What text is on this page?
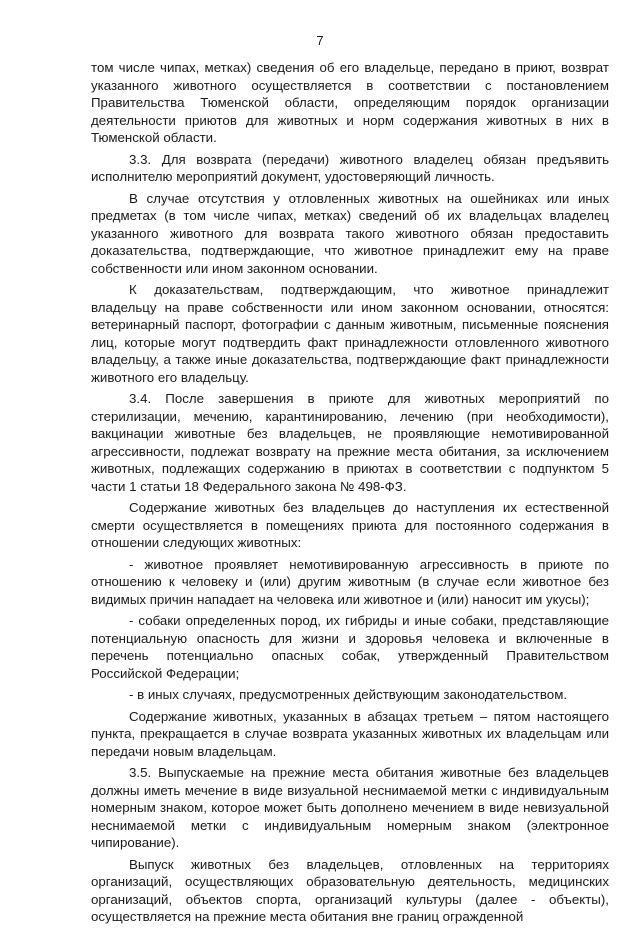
7

том числе чипах, метках) сведения об его владельце, передано в приют, возврат указанного животного осуществляется в соответствии с постановлением Правительства Тюменской области, определяющим порядок организации деятельности приютов для животных и норм содержания животных в них в Тюменской области.

3.3. Для возврата (передачи) животного владелец обязан предъявить исполнителю мероприятий документ, удостоверяющий личность.

В случае отсутствия у отловленных животных на ошейниках или иных предметах (в том числе чипах, метках) сведений об их владельцах владелец указанного животного для возврата такого животного обязан предоставить доказательства, подтверждающие, что животное принадлежит ему на праве собственности или ином законном основании.

К доказательствам, подтверждающим, что животное принадлежит владельцу на праве собственности или ином законном основании, относятся: ветеринарный паспорт, фотографии с данным животным, письменные пояснения лиц, которые могут подтвердить факт принадлежности отловленного животного владельцу, а также иные доказательства, подтверждающие факт принадлежности животного его владельцу.

3.4. После завершения в приюте для животных мероприятий по стерилизации, мечению, карантинированию, лечению (при необходимости), вакцинации животные без владельцев, не проявляющие немотивированной агрессивности, подлежат возврату на прежние места обитания, за исключением животных, подлежащих содержанию в приютах в соответствии с подпунктом 5 части 1 статьи 18 Федерального закона № 498-ФЗ.

Содержание животных без владельцев до наступления их естественной смерти осуществляется в помещениях приюта для постоянного содержания в отношении следующих животных:

- животное проявляет немотивированную агрессивность в приюте по отношению к человеку и (или) другим животным (в случае если животное без видимых причин нападает на человека или животное и (или) наносит им укусы);

- собаки определенных пород, их гибриды и иные собаки, представляющие потенциальную опасность для жизни и здоровья человека и включенные в перечень потенциально опасных собак, утвержденный Правительством Российской Федерации;

- в иных случаях, предусмотренных действующим законодательством.

Содержание животных, указанных в абзацах третьем – пятом настоящего пункта, прекращается в случае возврата указанных животных их владельцам или передачи новым владельцам.

3.5. Выпускаемые на прежние места обитания животные без владельцев должны иметь мечение в виде визуальной неснимаемой метки с индивидуальным номерным знаком, которое может быть дополнено мечением в виде невизуальной неснимаемой метки с индивидуальным номерным знаком (электронное чипирование).

Выпуск животных без владельцев, отловленных на территориях организаций, осуществляющих образовательную деятельность, медицинских организаций, объектов спорта, организаций культуры (далее - объекты), осуществляется на прежние места обитания вне границ огражденной
